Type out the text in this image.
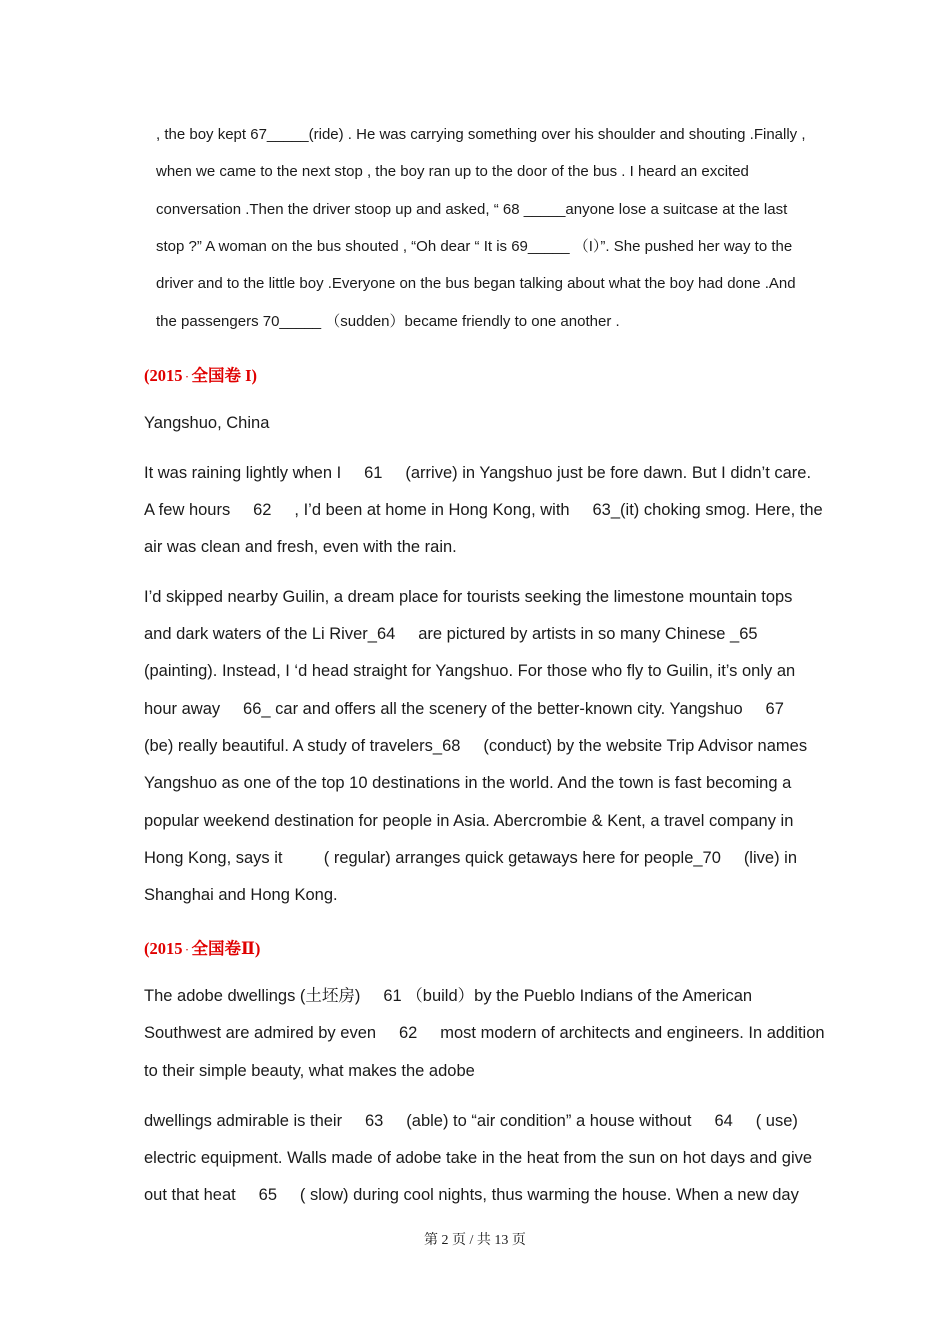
, the boy kept 67_____(ride) . He was carrying something over his shoulder and shouting .Finally ,
when we came to the next stop , the boy ran up to the door of the bus . I heard an excited
conversation .Then the driver stoop up and asked, “ 68 _____anyone lose a suitcase at the last
stop ?” A woman on the bus shouted , “Oh dear “ It is 69_____ （I）”. She pushed her way to the
driver and to the little boy .Everyone on the bus began talking about what the boy had done .And
the passengers 70_____ （sudden）became friendly to one another .
(2015 · 全国卷 I)
Yangshuo, China
It was raining lightly when I     61     (arrive) in Yangshuo just be fore dawn. But I didn’t care.
A few hours     62     , I’d been at home in Hong Kong, with     63_(it) choking smog. Here, the
air was clean and fresh, even with the rain.
I’d skipped nearby Guilin, a dream place for tourists seeking the limestone mountain tops
and dark waters of the Li River_64     are pictured by artists in so many Chinese _65
(painting). Instead, I ‘d head straight for Yangshuo. For those who fly to Guilin, it’s only an
hour away     66_ car and offers all the scenery of the better-known city. Yangshuo     67
(be) really beautiful. A study of travelers_68     (conduct) by the website Trip Advisor names
Yangshuo as one of the top 10 destinations in the world. And the town is fast becoming a
popular weekend destination for people in Asia. Abercrombie & Kent, a travel company in
Hong Kong, says it         ( regular) arranges quick getaways here for people_70     (live) in
Shanghai and Hong Kong.
(2015 · 全国卷Ⅱ)
The adobe dwellings (土坯房)     61 （build）by the Pueblo Indians of the American
Southwest are admired by even     62     most modern of architects and engineers. In addition
to their simple beauty, what makes the adobe
dwellings admirable is their     63     (able) to “air condition” a house without     64     ( use)
electric equipment. Walls made of adobe take in the heat from the sun on hot days and give
out that heat     65     ( slow) during cool nights, thus warming the house. When a new day
第 2 页 / 共 13 页
